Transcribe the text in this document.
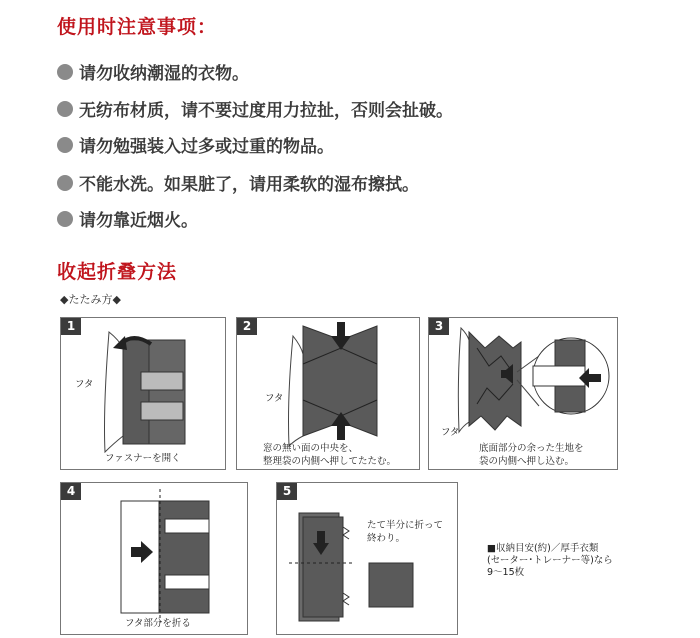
使用时注意事项：
请勿收纳潮湿的衣物。
无纺布材质，请不要过度用力拉扯，否则会扯破。
请勿勉强装入过多或过重的物品。
不能水洗。如果脏了，请用柔软的湿布擦拭。
请勿靠近烟火。
收起折叠方法
◆たたみ方◆
フタ
ファスナーを開く
1
フタ
窓の無い面の中央を、
整理袋の内側へ押してたたむ。
2
フタ
底面部分の余った生地を
袋の内側へ押し込む。
3
フタ部分を折る
4
たて半分に折って
終わり。
5
■収納目安(約)／厚手衣類
(セーター･トレーナー等)なら
9～15枚
